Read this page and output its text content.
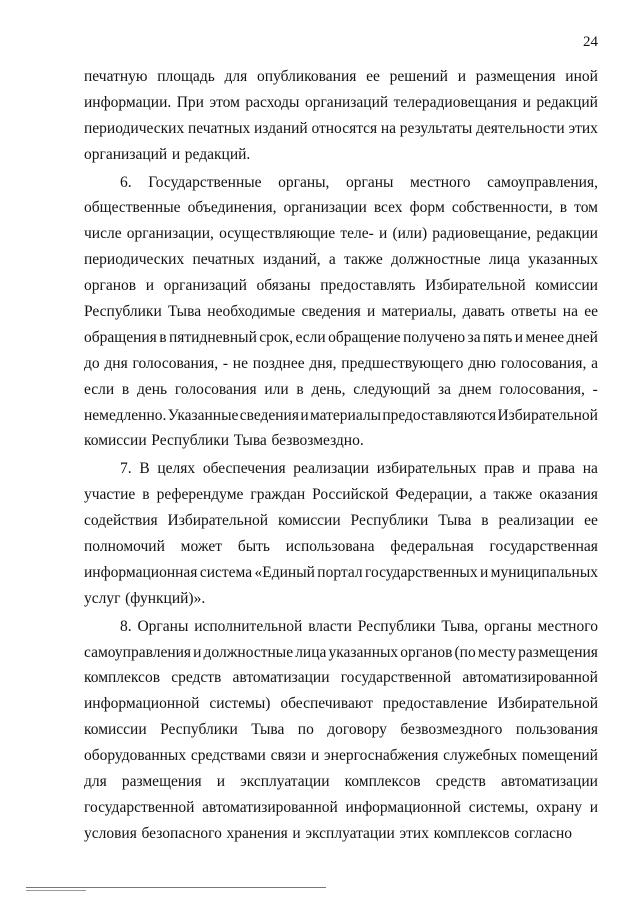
24
печатную площадь для опубликования ее решений и размещения иной
информации. При этом расходы организаций телерадиовещания и редакций
периодических печатных изданий относятся на результаты деятельности этих
организаций и редакций.
6. Государственные органы, органы местного самоуправления,
общественные объединения, организации всех форм собственности, в том
числе организации, осуществляющие теле- и (или) радиовещание, редакции
периодических печатных изданий, а также должностные лица указанных
органов и организаций обязаны предоставлять Избирательной комиссии
Республики Тыва необходимые сведения и материалы, давать ответы на ее
обращения в пятидневный срок, если обращение получено за пять и менее дней
до дня голосования, - не позднее дня, предшествующего дню голосования, а
если в день голосования или в день, следующий за днем голосования, -
немедленно. Указанные сведения и материалы предоставляются Избирательной
комиссии Республики Тыва безвозмездно.
7. В целях обеспечения реализации избирательных прав и права на
участие в референдуме граждан Российской Федерации, а также оказания
содействия Избирательной комиссии Республики Тыва в реализации ее
полномочий может быть использована федеральная государственная
информационная система «Единый портал государственных и муниципальных
услуг (функций)».
8. Органы исполнительной власти Республики Тыва, органы местного
самоуправления и должностные лица указанных органов (по месту размещения
комплексов средств автоматизации государственной автоматизированной
информационной системы) обеспечивают предоставление Избирательной
комиссии Республики Тыва по договору безвозмездного пользования
оборудованных средствами связи и энергоснабжения служебных помещений
для размещения и эксплуатации комплексов средств автоматизации
государственной автоматизированной информационной системы, охрану и
условия безопасного хранения и эксплуатации этих комплексов согласно
